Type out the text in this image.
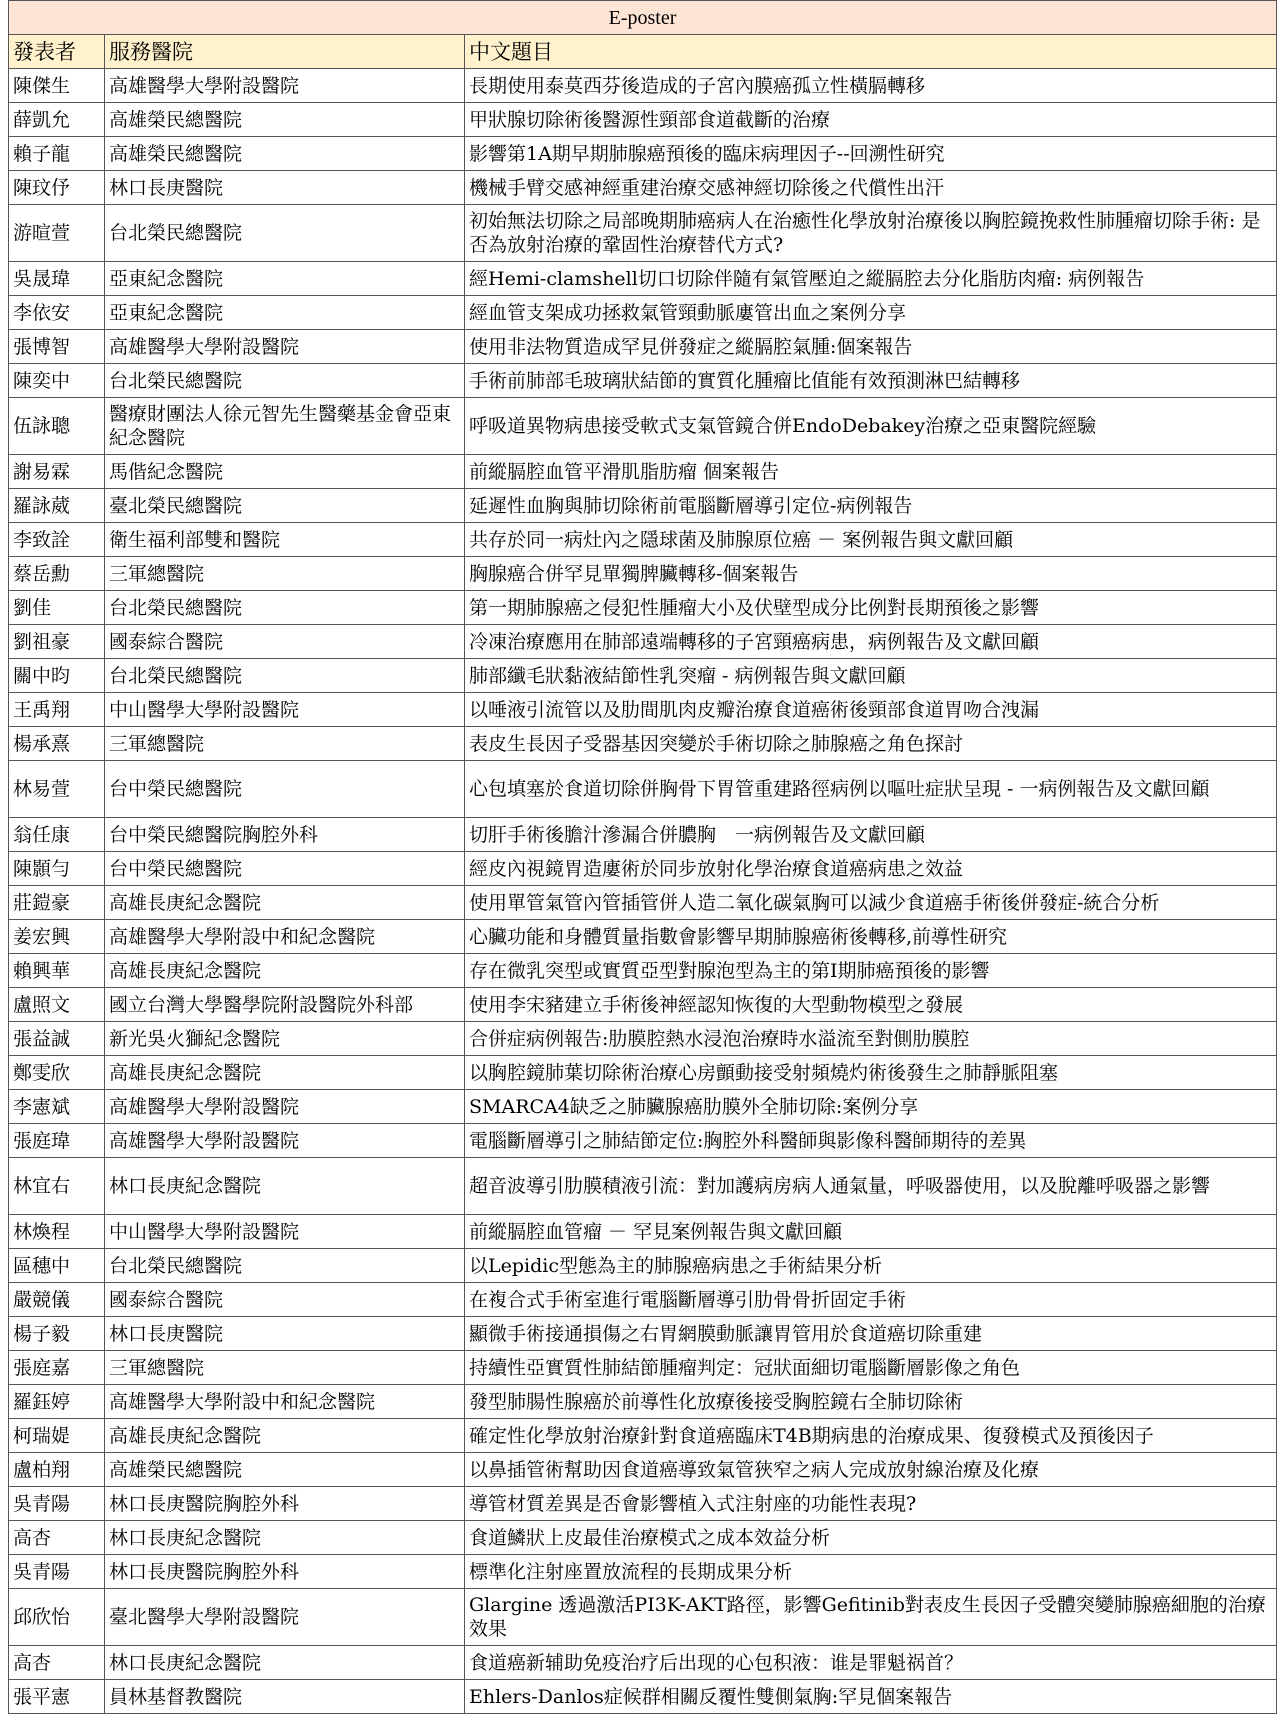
E-poster		
發表者	服務醫院	中文題目
陳傑生	高雄醫學大學附設醫院	長期使用泰莫西芬後造成的子宮內膜癌孤立性橫膈轉移
薛凱允	高雄榮民總醫院	甲狀腺切除術後醫源性頸部食道截斷的治療
賴子龍	高雄榮民總醫院	影響第1A期早期肺腺癌預後的臨床病理因子--回溯性研究
陳玟伃	林口長庚醫院	機械手臂交感神經重建治療交感神經切除後之代償性出汗
游暄萱	台北榮民總醫院	初始無法切除之局部晚期肺癌病人在治癒性化學放射治療後以胸腔鏡挽救性肺腫瘤切除手術: 是否為放射治療的鞏固性治療替代方式?
吳晟瑋	亞東紀念醫院	經Hemi-clamshell切口切除伴隨有氣管壓迫之縱膈腔去分化脂肪肉瘤: 病例報告
李依安	亞東紀念醫院	經血管支架成功拯救氣管頸動脈廔管出血之案例分享
張博智	高雄醫學大學附設醫院	使用非法物質造成罕見併發症之縱膈腔氣腫:個案報告
陳奕中	台北榮民總醫院	手術前肺部毛玻璃狀結節的實質化腫瘤比值能有效預測淋巴結轉移
伍詠聰	醫療財團法人徐元智先生醫藥基金會亞東紀念醫院	呼吸道異物病患接受軟式支氣管鏡合併EndoDebakey治療之亞東醫院經驗
謝易霖	馬偕紀念醫院	前縱膈腔血管平滑肌脂肪瘤 個案報告
羅詠葳	臺北榮民總醫院	延遲性血胸與肺切除術前電腦斷層導引定位-病例報告
李致詮	衛生福利部雙和醫院	共存於同一病灶內之隱球菌及肺腺原位癌 － 案例報告與文獻回顧
蔡岳勳	三軍總醫院	胸腺癌合併罕見單獨脾臟轉移-個案報告
劉佳	台北榮民總醫院	第一期肺腺癌之侵犯性腫瘤大小及伏壁型成分比例對長期預後之影響
劉祖豪	國泰綜合醫院	冷凍治療應用在肺部遠端轉移的子宮頸癌病患，病例報告及文獻回顧
關中昀	台北榮民總醫院	肺部纖毛狀黏液結節性乳突瘤 - 病例報告與文獻回顧
王禹翔	中山醫學大學附設醫院	以唾液引流管以及肋間肌肉皮瓣治療食道癌術後頸部食道胃吻合洩漏
楊承熹	三軍總醫院	表皮生長因子受器基因突變於手術切除之肺腺癌之角色探討
林易萱	台中榮民總醫院	心包填塞於食道切除併胸骨下胃管重建路徑病例以嘔吐症狀呈現 - 一病例報告及文獻回顧
翁任康	台中榮民總醫院胸腔外科	切肝手術後膽汁滲漏合併膿胸　一病例報告及文獻回顧
陳顥勻	台中榮民總醫院	經皮內視鏡胃造廔術於同步放射化學治療食道癌病患之效益
莊鎧豪	高雄長庚紀念醫院	使用單管氣管內管插管併人造二氧化碳氣胸可以減少食道癌手術後併發症-統合分析
姜宏興	高雄醫學大學附設中和紀念醫院	心臟功能和身體質量指數會影響早期肺腺癌術後轉移,前導性研究
賴興華	高雄長庚紀念醫院	存在微乳突型或實質亞型對腺泡型為主的第I期肺癌預後的影響
盧照文	國立台灣大學醫學院附設醫院外科部	使用李宋豬建立手術後神經認知恢復的大型動物模型之發展
張益誠	新光吳火獅紀念醫院	合併症病例報告:肋膜腔熱水浸泡治療時水溢流至對側肋膜腔
鄭雯欣	高雄長庚紀念醫院	以胸腔鏡肺葉切除術治療心房顫動接受射頻燒灼術後發生之肺靜脈阻塞
李憲斌	高雄醫學大學附設醫院	SMARCA4缺乏之肺臟腺癌肋膜外全肺切除:案例分享
張庭瑋	高雄醫學大學附設醫院	電腦斷層導引之肺結節定位:胸腔外科醫師與影像科醫師期待的差異
林宜右	林口長庚紀念醫院	超音波導引肋膜積液引流：對加護病房病人通氣量，呼吸器使用，以及脫離呼吸器之影響
林煥程	中山醫學大學附設醫院	前縱膈腔血管瘤 － 罕見案例報告與文獻回顧
區穗中	台北榮民總醫院	以Lepidic型態為主的肺腺癌病患之手術結果分析
嚴競儀	國泰綜合醫院	在複合式手術室進行電腦斷層導引肋骨骨折固定手術
楊子毅	林口長庚醫院	顯微手術接通損傷之右胃網膜動脈讓胃管用於食道癌切除重建
張庭嘉	三軍總醫院	持續性亞實質性肺結節腫瘤判定：冠狀面細切電腦斷層影像之角色
羅鈺婷	高雄醫學大學附設中和紀念醫院	發型肺腸性腺癌於前導性化放療後接受胸腔鏡右全肺切除術
柯瑞媞	高雄長庚紀念醫院	確定性化學放射治療針對食道癌臨床T4B期病患的治療成果、復發模式及預後因子
盧柏翔	高雄榮民總醫院	以鼻插管術幫助因食道癌導致氣管狹窄之病人完成放射線治療及化療
吳青陽	林口長庚醫院胸腔外科	導管材質差異是否會影響植入式注射座的功能性表現?
高杏	林口長庚紀念醫院	食道鱗狀上皮最佳治療模式之成本效益分析
吳青陽	林口長庚醫院胸腔外科	標準化注射座置放流程的長期成果分析
邱欣怡	臺北醫學大學附設醫院	Glargine 透過激活PI3K-AKT路徑，影響Gefitinib對表皮生長因子受體突變肺腺癌細胞的治療效果
高杏	林口長庚紀念醫院	食道癌新辅助免疫治疗后出现的心包积液：谁是罪魁祸首？
張平憲	員林基督教醫院	Ehlers-Danlos症候群相關反覆性雙側氣胸:罕見個案報告
